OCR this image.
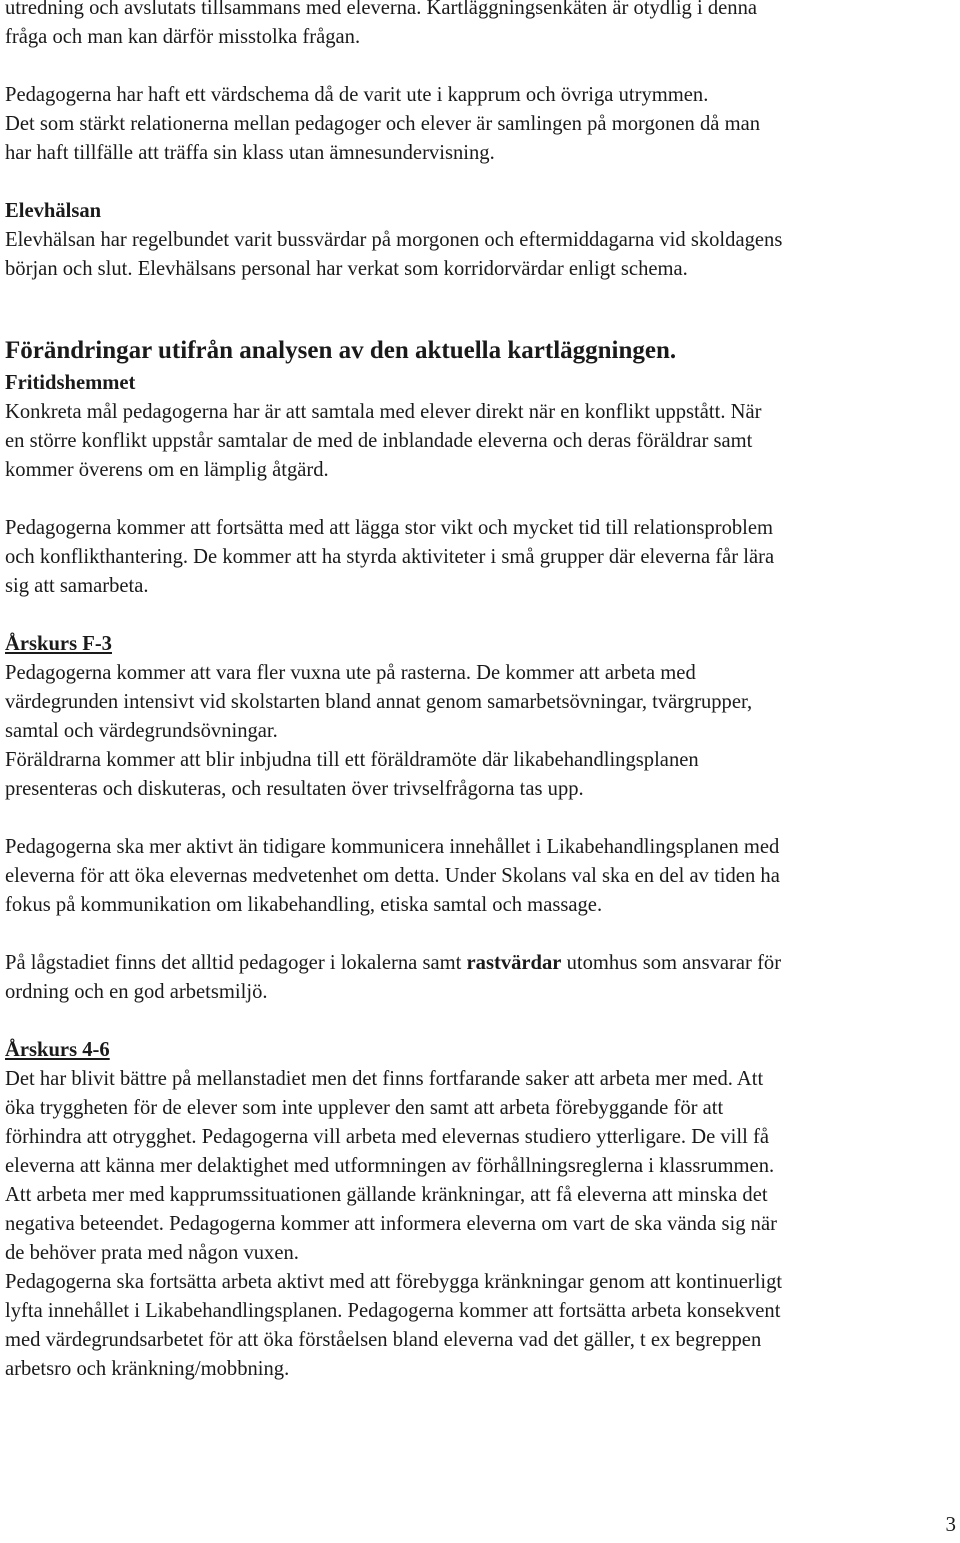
utredning och avslutats tillsammans med eleverna. Kartläggningsenkäten är otydlig i denna
fråga och man kan därför misstolka frågan.
Pedagogerna har haft ett värdschema då de varit ute i kapprum och övriga utrymmen.
Det som stärkt relationerna mellan pedagoger och elever är samlingen på morgonen då man
har haft tillfälle att träffa sin klass utan ämnesundervisning.
Elevhälsan
Elevhälsan har regelbundet varit bussvärdar på morgonen och eftermiddagarna vid skoldagens
början och slut. Elevhälsans personal har verkat som korridorvärdar enligt schema.
Förändringar utifrån analysen av den aktuella kartläggningen.
Fritidshemmet
Konkreta mål pedagogerna har är att samtala med elever direkt när en konflikt uppstått. När
en större konflikt uppstår samtalar de med de inblandade eleverna och deras föräldrar samt
kommer överens om en lämplig åtgärd.
Pedagogerna kommer att fortsätta med att lägga stor vikt och mycket tid till relationsproblem
och konflikthantering. De kommer att ha styrda aktiviteter i små grupper där eleverna får lära
sig att samarbeta.
Årskurs F-3
Pedagogerna kommer att vara fler vuxna ute på rasterna. De kommer att arbeta med
värdegrunden intensivt vid skolstarten bland annat genom samarbetsövningar, tvärgrupper,
samtal och värdegrundsövningar.
Föräldrarna kommer att blir inbjudna till ett föräldramöte där likabehandlingsplanen
presenteras och diskuteras, och resultaten över trivselfrågorna tas upp.
Pedagogerna ska mer aktivt än tidigare kommunicera innehållet i Likabehandlingsplanen med
eleverna för att öka elevernas medvetenhet om detta. Under Skolans val ska en del av tiden ha
fokus på kommunikation om likabehandling, etiska samtal och massage.
På lågstadiet finns det alltid pedagoger i lokalerna samt rastvärdar utomhus som ansvarar för
ordning och en god arbetsmiljö.
Årskurs 4-6
Det har blivit bättre på mellanstadiet men det finns fortfarande saker att arbeta mer med. Att
öka tryggheten för de elever som inte upplever den samt att arbeta förebyggande för att
förhindra att otrygghet. Pedagogerna vill arbeta med elevernas studiero ytterligare. De vill få
eleverna att känna mer delaktighet med utformningen av förhållningsreglerna i klassrummen.
Att arbeta mer med kapprumssituationen gällande kränkningar, att få eleverna att minska det
negativa beteendet. Pedagogerna kommer att informera eleverna om vart de ska vända sig när
de behöver prata med någon vuxen.
Pedagogerna ska fortsätta arbeta aktivt med att förebygga kränkningar genom att kontinuerligt
lyfta innehållet i Likabehandlingsplanen. Pedagogerna kommer att fortsätta arbeta konsekvent
med värdegrundsarbetet för att öka förståelsen bland eleverna vad det gäller, t ex begreppen
arbetsro och kränkning/mobbning.
3
